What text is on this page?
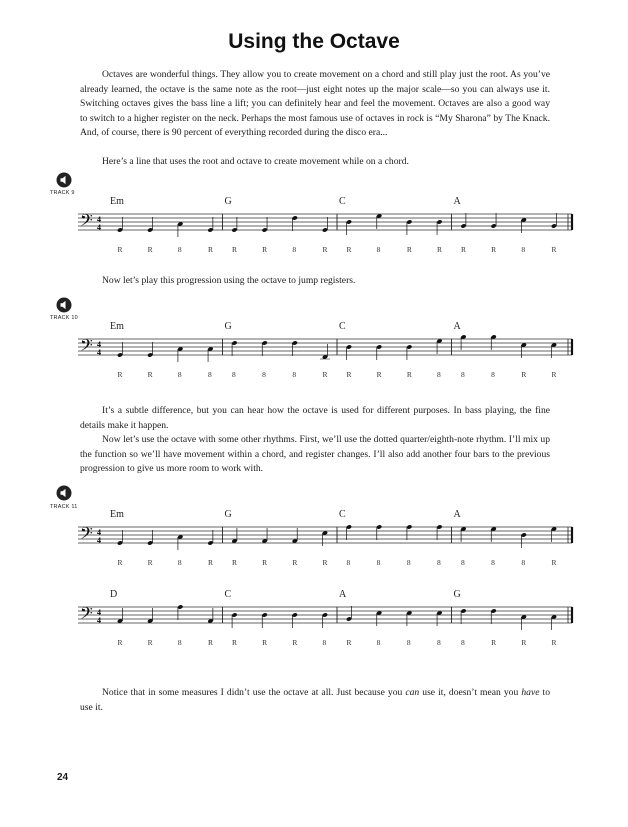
Using the Octave

Octaves are wonderful things. They allow you to create movement on a chord and still play just the root. As you’ve already learned, the octave is the same note as the root—just eight notes up the major scale—so you can always use it. Switching octaves gives the bass line a lift; you can definitely hear and feel the movement. Octaves are also a good way to switch to a higher register on the neck. Perhaps the most famous use of octaves in rock is “My Sharona” by The Knack. And, of course, there is 90 percent of everything recorded during the disco era...

Here’s a line that uses the root and octave to create movement while on a chord.

TRACK 9
𝄢 4
4
Em
R	R	8	R
G
R	R	8	R
C
R	8	R	R
A
R	R	8	R
Now let’s play this progression using the octave to jump registers.
TRACK 10
𝄢 4
4
Em
R	R	8	8
G
8	8	8	R
C
R	R	R	8
A
8	8	R	R

It’s a subtle difference, but you can hear how the octave is used for different purposes. In bass playing, the fine details make it happen.

Now let’s use the octave with some other rhythms. First, we’ll use the dotted quarter/eighth-note rhythm. I’ll mix up the function so we’ll have movement within a chord, and register changes. I’ll also add another four bars to the previous progression to give us more room to work with.

TRACK 11
𝄢 4
4
Em
R	R	8	R
G
R	R	R	R
C
8	8	8	8
A
8	8	8	R
𝄢 4
4
D
R	R	8	R
C
R	R	R	8
A
R	8	8	8
G
8	R	R	R

Notice that in some measures I didn’t use the octave at all. Just because you can use it, doesn’t mean you have to use it.

24
